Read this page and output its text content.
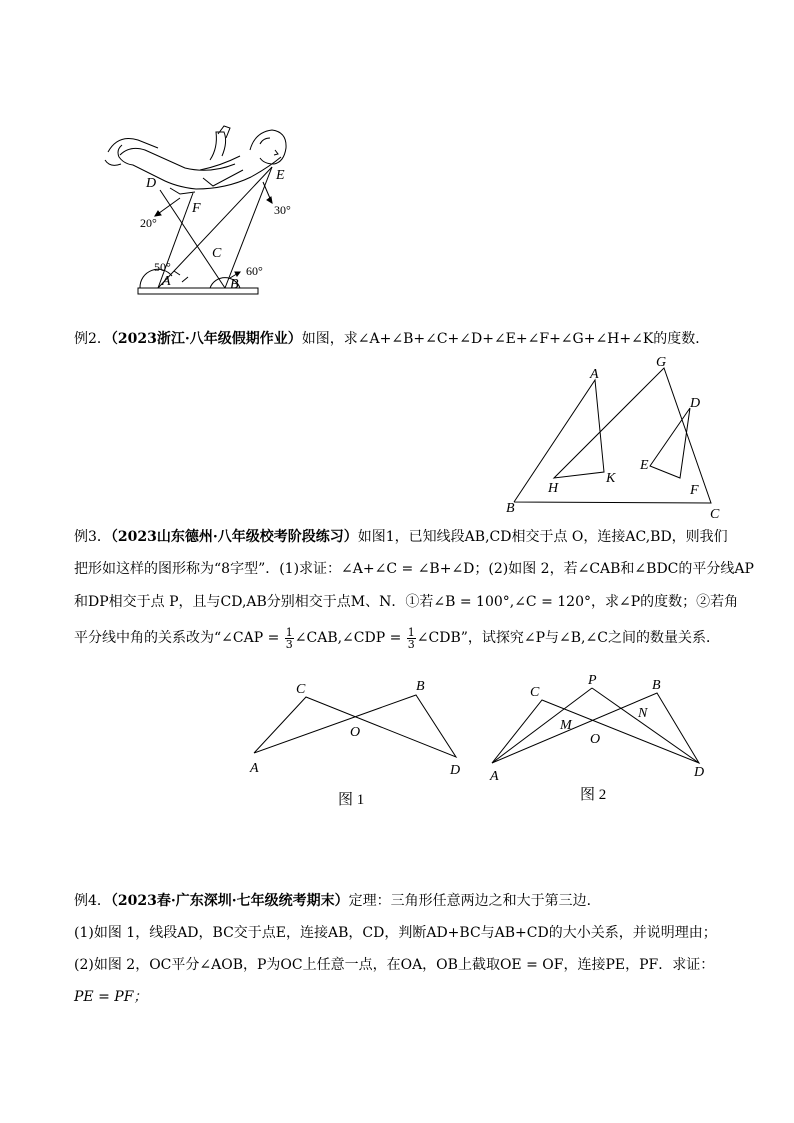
D
E
F
C
A	B
20°
30°
50°	60°
例2．（2023浙江·八年级假期作业）如图，求∠A+∠B+∠C+∠D+∠E+∠F+∠G+∠H+∠K的度数．
A
G
D
E
K
H	F
B	C
例3．（2023山东德州·八年级校考阶段练习）如图1，已知线段AB,CD相交于点 O，连接AC,BD，则我们
把形如这样的图形称为“8字型”．(1)求证：∠A+∠C = ∠B+∠D；(2)如图 2，若∠CAB和∠BDC的平分线AP
和DP相交于点 P，且与CD,AB分别相交于点M、N．①若∠B = 100°,∠C = 120°，求∠P的度数；②若角
平分线中角的关系改为“∠CAP = $\frac{1}{3}$ ∠CAB,∠CDP = $\frac{1}{3}$ ∠CDB”，试探究∠P与∠B,∠C之间的数量关系．
C	B
O
A	D
图 1
C
P	B
M
N
O
A	D
图 2
例4．（2023春·广东深圳·七年级统考期末）定理：三角形任意两边之和大于第三边．
(1)如图 1，线段AD，BC交于点E，连接AB，CD，判断AD+BC与AB+CD的大小关系，并说明理由；
(2)如图 2，OC平分∠AOB，P为OC上任意一点，在OA，OB上截取OE = OF，连接PE，PF．求证：
PE = PF；
